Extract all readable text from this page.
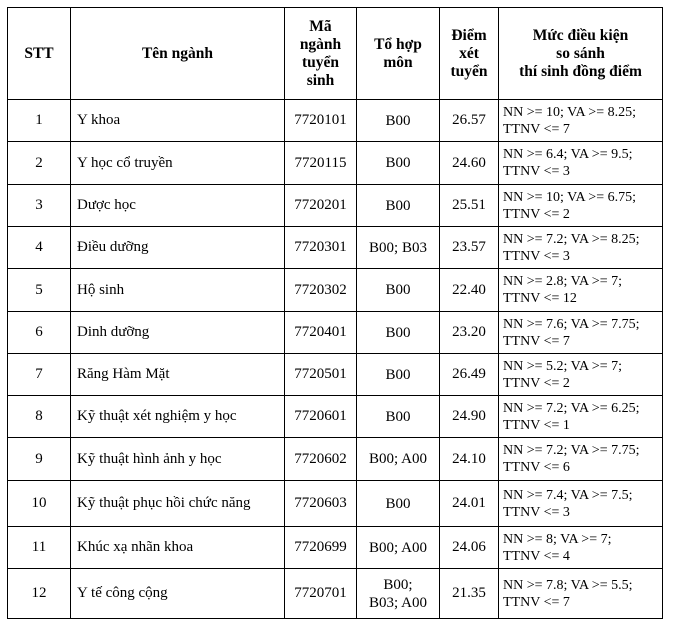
STT	Tên ngành	Mã
ngành
tuyển
sinh	Tổ hợp
môn	Điểm
xét
tuyển	Mức điều kiện
so sánh
thí sinh đồng điểm

1	Y khoa	7720101	B00	26.57	NN >= 10; VA >= 8.25;
TTNV <= 7

2	Y học cổ truyền	7720115	B00	24.60	NN >= 6.4; VA >= 9.5;
TTNV <= 3

3	Dược học	7720201	B00	25.51	NN >= 10; VA >= 6.75;
TTNV <= 2

4	Điều dưỡng	7720301	B00; B03	23.57	NN >= 7.2; VA >= 8.25;
TTNV <= 3

5	Hộ sinh	7720302	B00	22.40	NN >= 2.8; VA >= 7;
TTNV <= 12

6	Dinh dưỡng	7720401	B00	23.20	NN >= 7.6; VA >= 7.75;
TTNV <= 7

7	Răng Hàm Mặt	7720501	B00	26.49	NN >= 5.2; VA >= 7;
TTNV <= 2

8	Kỹ thuật xét nghiệm y học	7720601	B00	24.90	NN >= 7.2; VA >= 6.25;
TTNV <= 1

9	Kỹ thuật hình ảnh y học	7720602	B00; A00	24.10	NN >= 7.2; VA >= 7.75;
TTNV <= 6

10	Kỹ thuật phục hồi chức năng	7720603	B00	24.01	NN >= 7.4; VA >= 7.5;
TTNV <= 3

11	Khúc xạ nhãn khoa	7720699	B00; A00	24.06	NN >= 8; VA >= 7;
TTNV <= 4

12	Y tế công cộng	7720701	B00;
B03; A00	21.35	NN >= 7.8; VA >= 5.5;
TTNV <= 7
